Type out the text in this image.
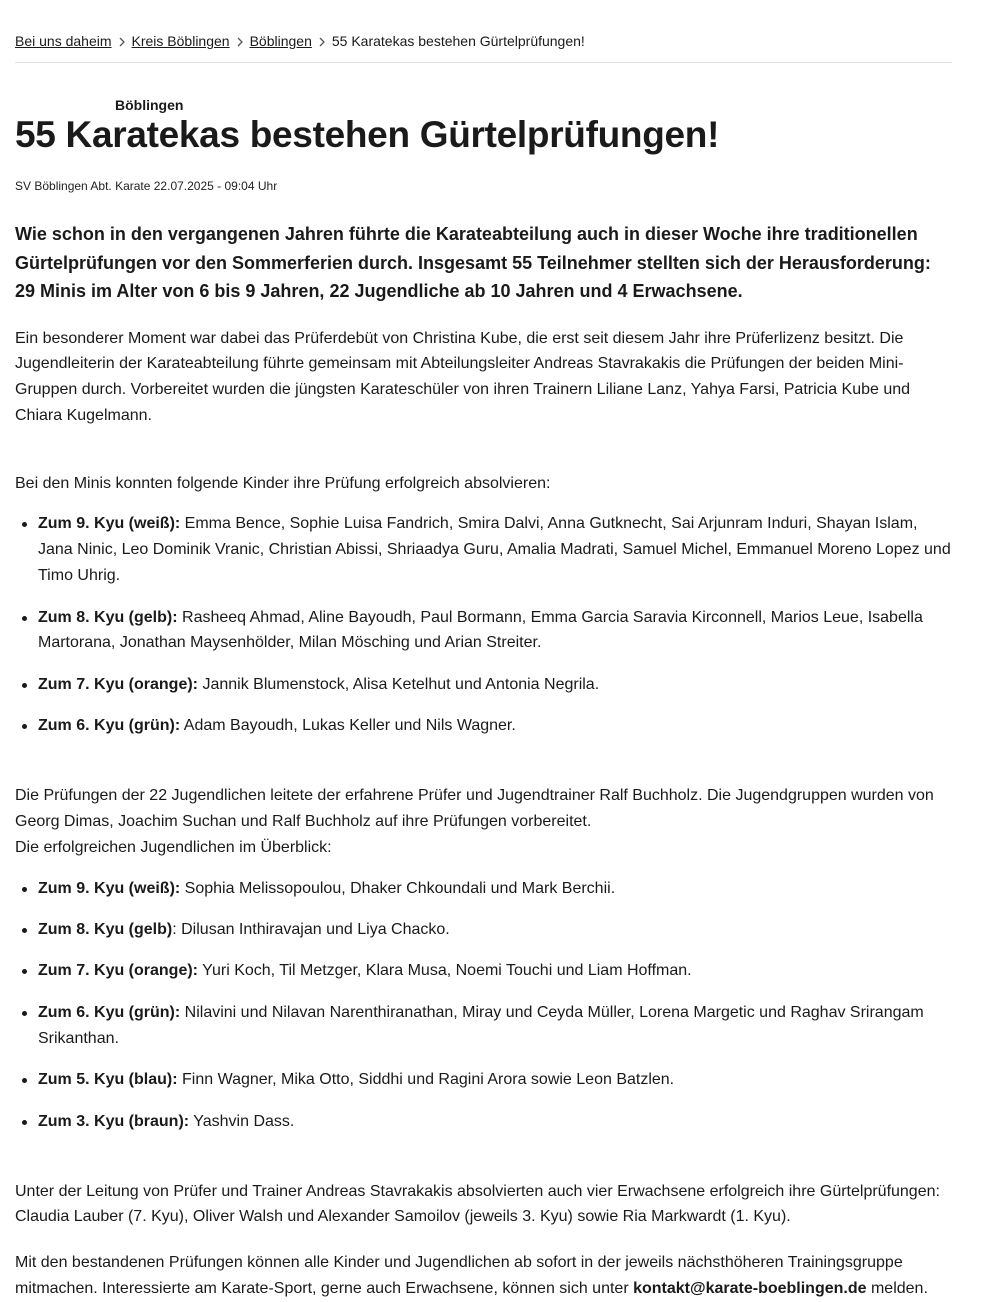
Bei uns daheim Kreis Böblingen Böblingen 55 Karatekas bestehen Gürtelprüfungen!
Böblingen
55 Karatekas bestehen Gürtelprüfungen!
SV Böblingen Abt. Karate 22.07.2025 - 09:04 Uhr

Wie schon in den vergangenen Jahren führte die Karateabteilung auch in dieser Woche ihre traditionellen Gürtelprüfungen vor den Sommerferien durch. Insgesamt 55 Teilnehmer stellten sich der Herausforderung: 29 Minis im Alter von 6 bis 9 Jahren, 22 Jugendliche ab 10 Jahren und 4 Erwachsene.

Ein besonderer Moment war dabei das Prüferdebüt von Christina Kube, die erst seit diesem Jahr ihre Prüferlizenz besitzt. Die Jugendleiterin der Karateabteilung führte gemeinsam mit Abteilungsleiter Andreas Stavrakakis die Prüfungen der beiden Mini-Gruppen durch. Vorbereitet wurden die jüngsten Karateschüler von ihren Trainern Liliane Lanz, Yahya Farsi, Patricia Kube und Chiara Kugelmann.

Bei den Minis konnten folgende Kinder ihre Prüfung erfolgreich absolvieren:

Zum 9. Kyu (weiß): Emma Bence, Sophie Luisa Fandrich, Smira Dalvi, Anna Gutknecht, Sai Arjunram Induri, Shayan Islam, Jana Ninic, Leo Dominik Vranic, Christian Abissi, Shriaadya Guru, Amalia Madrati, Samuel Michel, Emmanuel Moreno Lopez und Timo Uhrig.
Zum 8. Kyu (gelb): Rasheeq Ahmad, Aline Bayoudh, Paul Bormann, Emma Garcia Saravia Kirconnell, Marios Leue, Isabella Martorana, Jonathan Maysenhölder, Milan Mösching und Arian Streiter.
Zum 7. Kyu (orange): Jannik Blumenstock, Alisa Ketelhut und Antonia Negrila.
Zum 6. Kyu (grün): Adam Bayoudh, Lukas Keller und Nils Wagner.

Die Prüfungen der 22 Jugendlichen leitete der erfahrene Prüfer und Jugendtrainer Ralf Buchholz. Die Jugendgruppen wurden von Georg Dimas, Joachim Suchan und Ralf Buchholz auf ihre Prüfungen vorbereitet.
Die erfolgreichen Jugendlichen im Überblick:

Zum 9. Kyu (weiß): Sophia Melissopoulou, Dhaker Chkoundali und Mark Berchii.
Zum 8. Kyu (gelb): Dilusan Inthiravajan und Liya Chacko.
Zum 7. Kyu (orange): Yuri Koch, Til Metzger, Klara Musa, Noemi Touchi und Liam Hoffman.
Zum 6. Kyu (grün): Nilavini und Nilavan Narenthiranathan, Miray und Ceyda Müller, Lorena Margetic und Raghav Srirangam Srikanthan.
Zum 5. Kyu (blau): Finn Wagner, Mika Otto, Siddhi und Ragini Arora sowie Leon Batzlen.
Zum 3. Kyu (braun): Yashvin Dass.

Unter der Leitung von Prüfer und Trainer Andreas Stavrakakis absolvierten auch vier Erwachsene erfolgreich ihre Gürtelprüfungen: Claudia Lauber (7. Kyu), Oliver Walsh und Alexander Samoilov (jeweils 3. Kyu) sowie Ria Markwardt (1. Kyu).

Mit den bestandenen Prüfungen können alle Kinder und Jugendlichen ab sofort in der jeweils nächsthöheren Trainingsgruppe mitmachen. Interessierte am Karate-Sport, gerne auch Erwachsene, können sich unter kontakt@karate-boeblingen.de melden.
